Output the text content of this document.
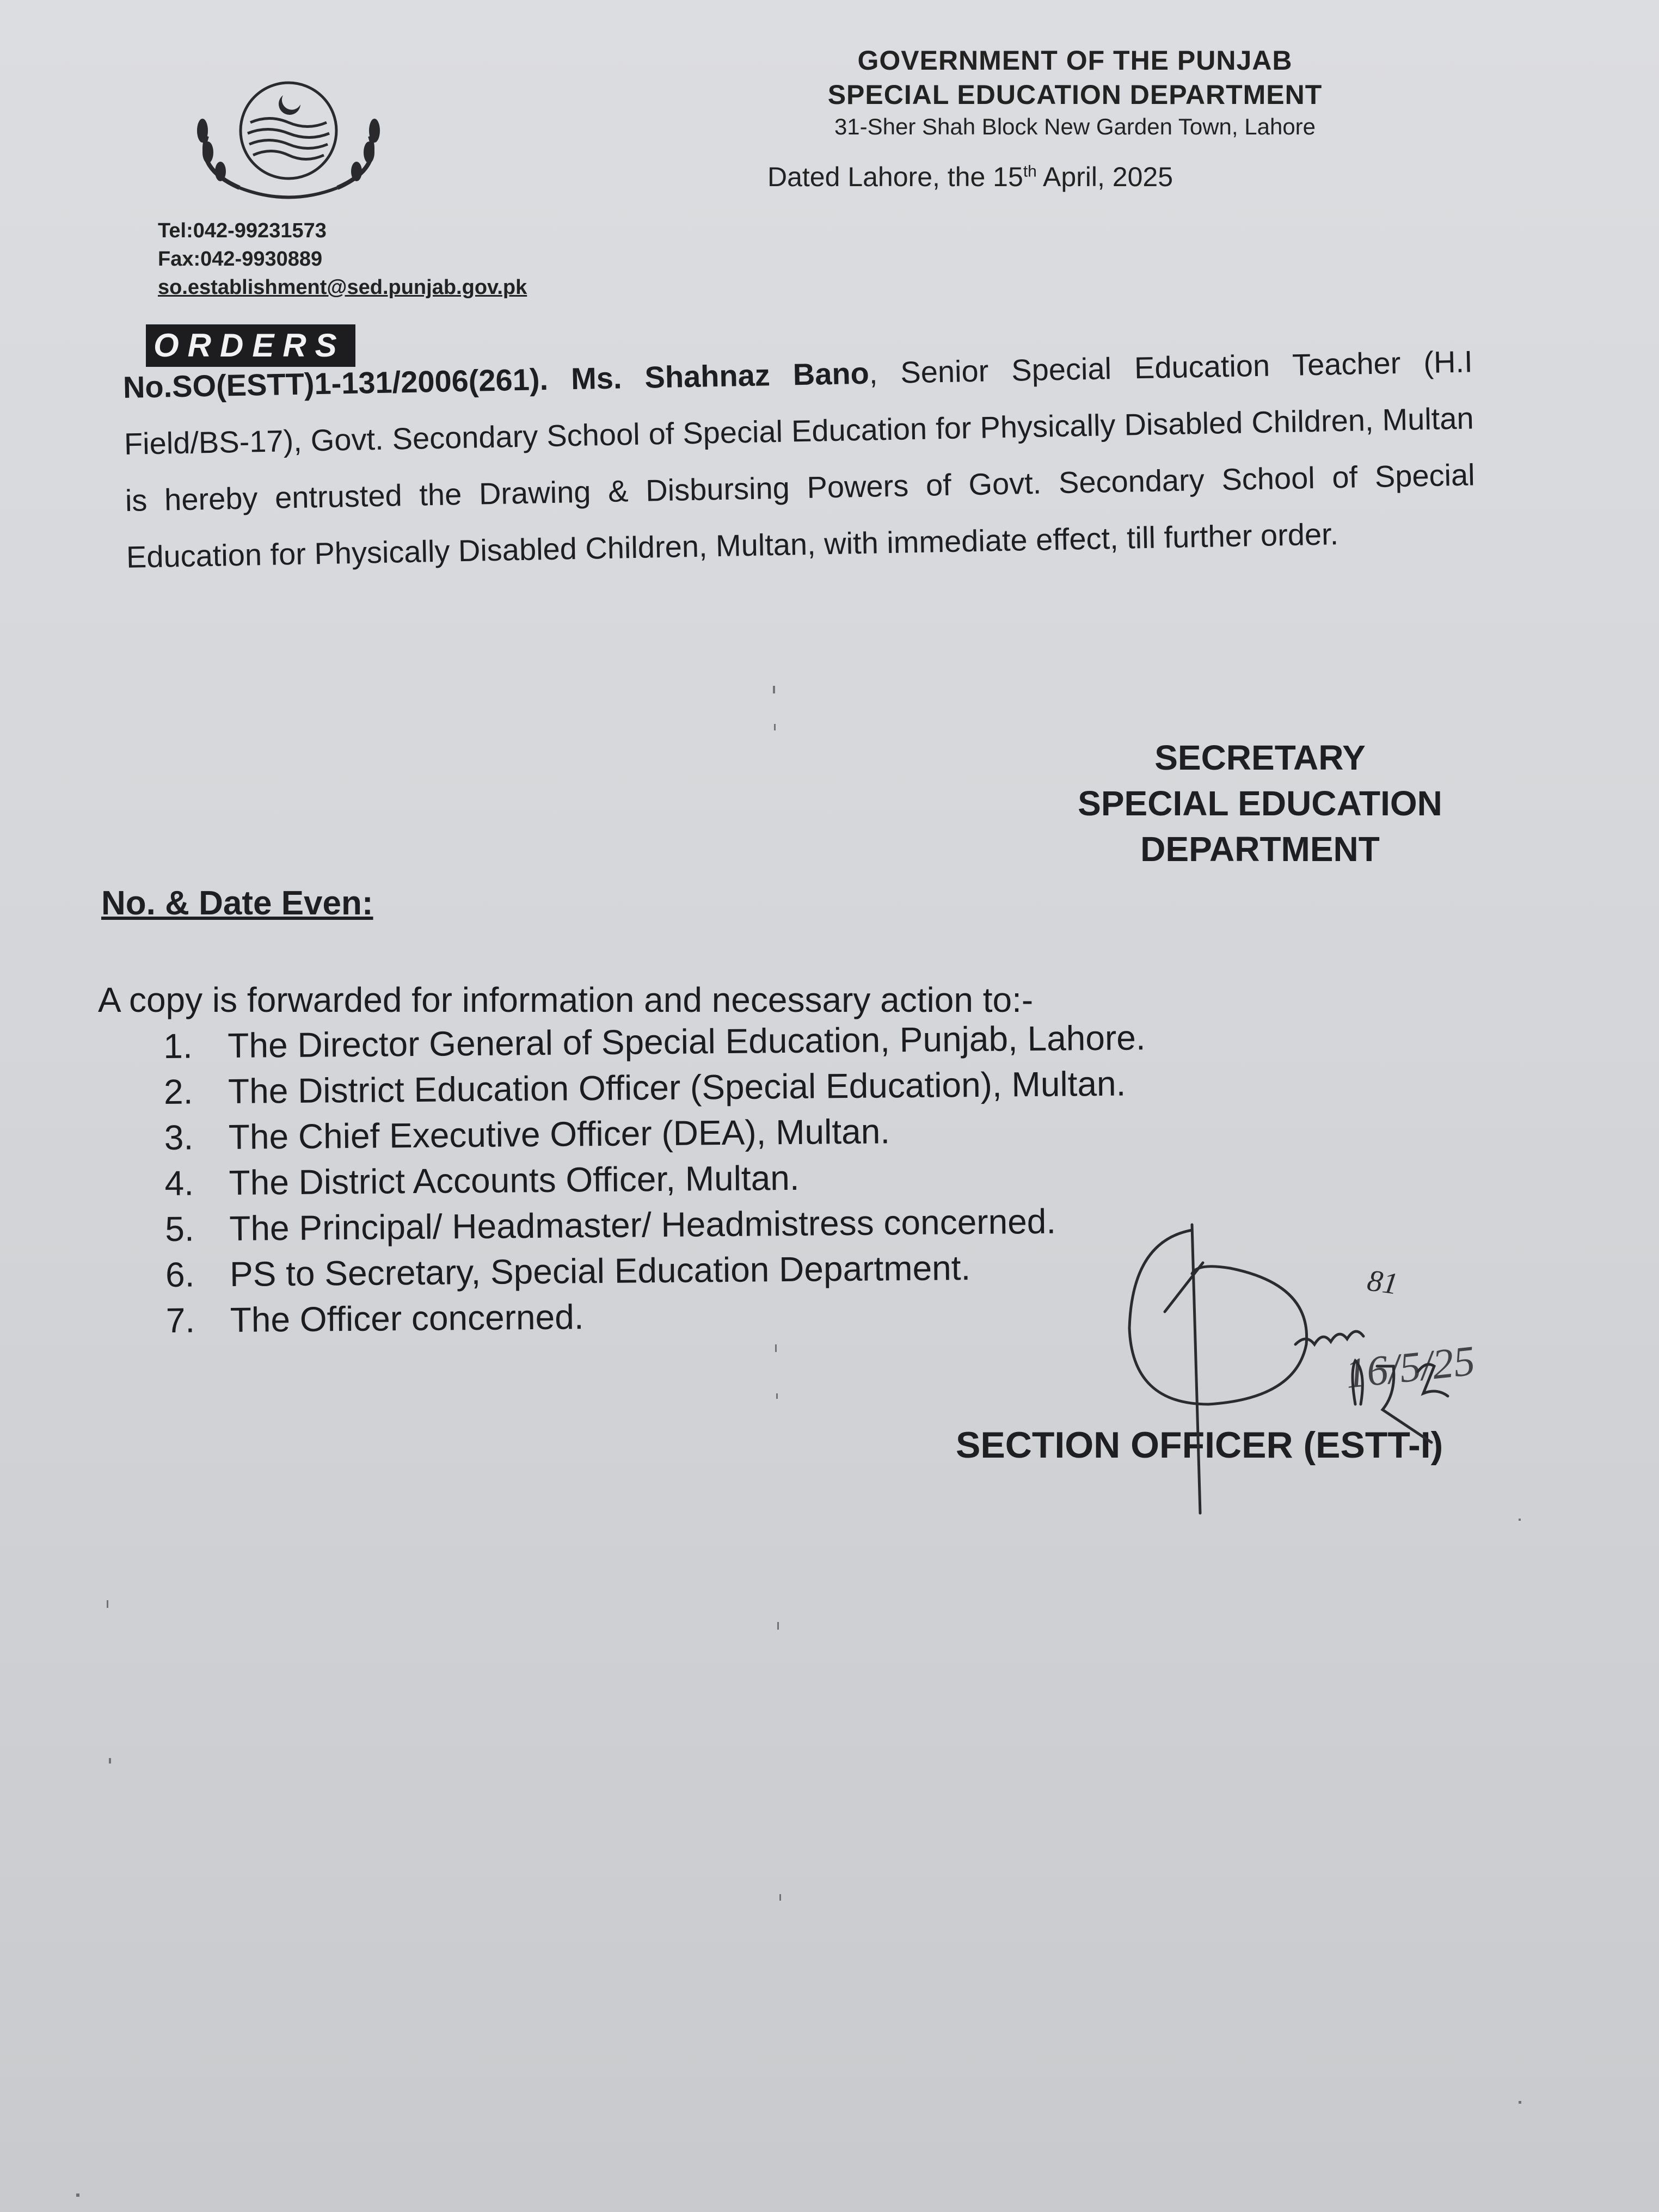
Tel:042-99231573
Fax:042-9930889
so.establishment@sed.punjab.gov.pk
GOVERNMENT OF THE PUNJAB
SPECIAL EDUCATION DEPARTMENT
31-Sher Shah Block New Garden Town, Lahore
Dated Lahore, the 15th April, 2025
ORDERS
No.SO(ESTT)1-131/2006(261). Ms. Shahnaz Bano, Senior Special Education Teacher (H.I Field/BS-17), Govt. Secondary School of Special Education for Physically Disabled Children, Multan is hereby entrusted the Drawing & Disbursing Powers of Govt. Secondary School of Special Education for Physically Disabled Children, Multan, with immediate effect, till further order.
SECRETARY
SPECIAL EDUCATION
DEPARTMENT
No. & Date Even:
A copy is forwarded for information and necessary action to:-
1. The Director General of Special Education, Punjab, Lahore.
2. The District Education Officer (Special Education), Multan.
3. The Chief Executive Officer (DEA), Multan.
4. The District Accounts Officer, Multan.
5. The Principal/ Headmaster/ Headmistress concerned.
6. PS to Secretary, Special Education Department.
7. The Officer concerned.
SECTION OFFICER (ESTT-I)
81
16/5/25
